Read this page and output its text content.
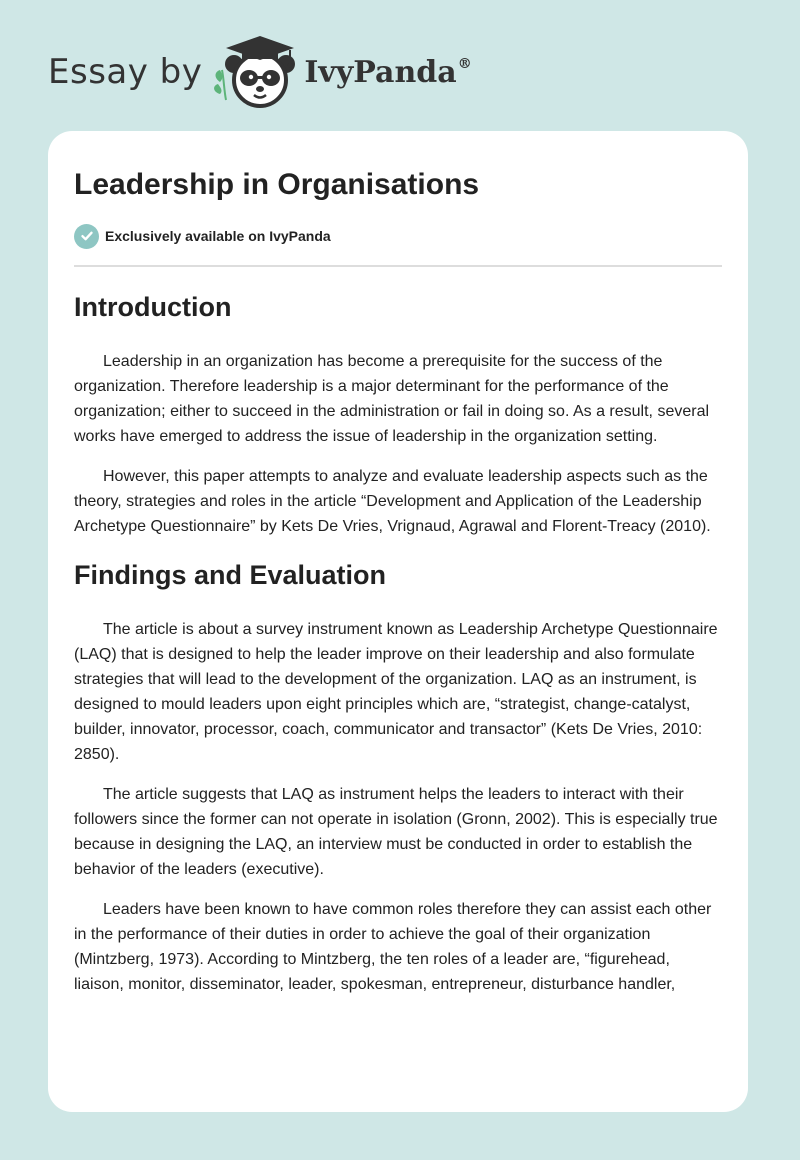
Essay by	IvyPanda®
Leadership in Organisations
Exclusively available on IvyPanda
Introduction

Leadership in an organization has become a prerequisite for the success of the organization. Therefore leadership is a major determinant for the performance of the organization; either to succeed in the administration or fail in doing so. As a result, several works have emerged to address the issue of leadership in the organization setting.

However, this paper attempts to analyze and evaluate leadership aspects such as the theory, strategies and roles in the article “Development and Application of the Leadership Archetype Questionnaire” by Kets De Vries, Vrignaud, Agrawal and Florent-Treacy (2010).

Findings and Evaluation

The article is about a survey instrument known as Leadership Archetype Questionnaire (LAQ) that is designed to help the leader improve on their leadership and also formulate strategies that will lead to the development of the organization. LAQ as an instrument, is designed to mould leaders upon eight principles which are, “strategist, change-catalyst, builder, innovator, processor, coach, communicator and transactor” (Kets De Vries, 2010: 2850).

The article suggests that LAQ as instrument helps the leaders to interact with their followers since the former can not operate in isolation (Gronn, 2002). This is especially true because in designing the LAQ, an interview must be conducted in order to establish the behavior of the leaders (executive).

Leaders have been known to have common roles therefore they can assist each other in the performance of their duties in order to achieve the goal of their organization (Mintzberg, 1973). According to Mintzberg, the ten roles of a leader are, “figurehead, liaison, monitor, disseminator, leader, spokesman, entrepreneur, disturbance handler,
